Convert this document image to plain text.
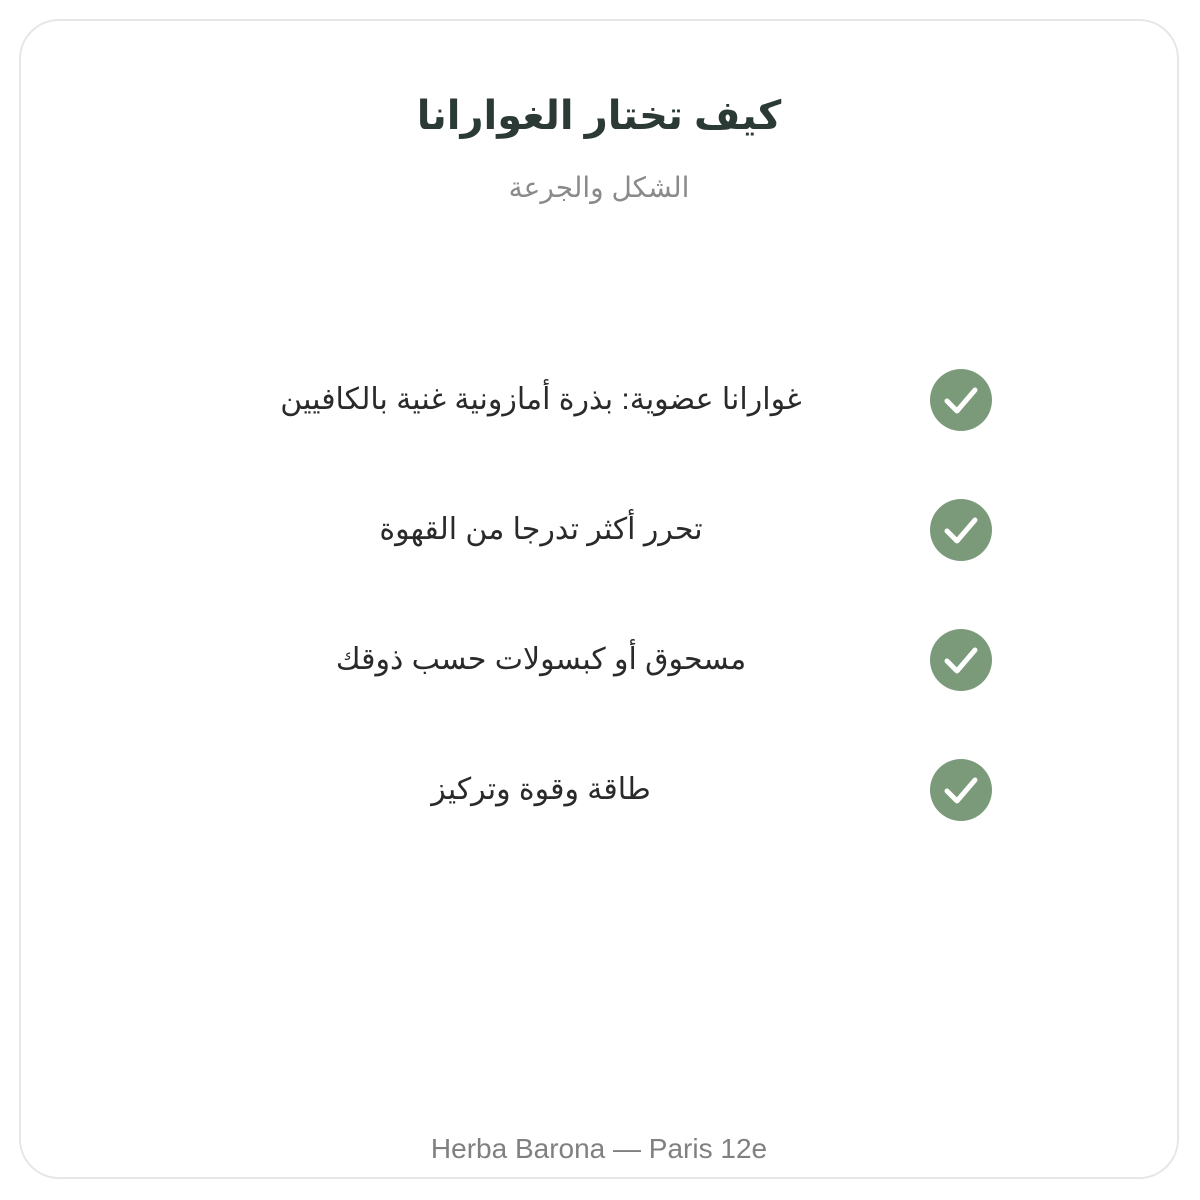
كيف تختار الغوارانا
الشكل والجرعة
غوارانا عضوية: بذرة أمازونية غنية بالكافيين
تحرر أكثر تدرجا من القهوة
مسحوق أو كبسولات حسب ذوقك
طاقة وقوة وتركيز
Herba Barona — Paris 12e
